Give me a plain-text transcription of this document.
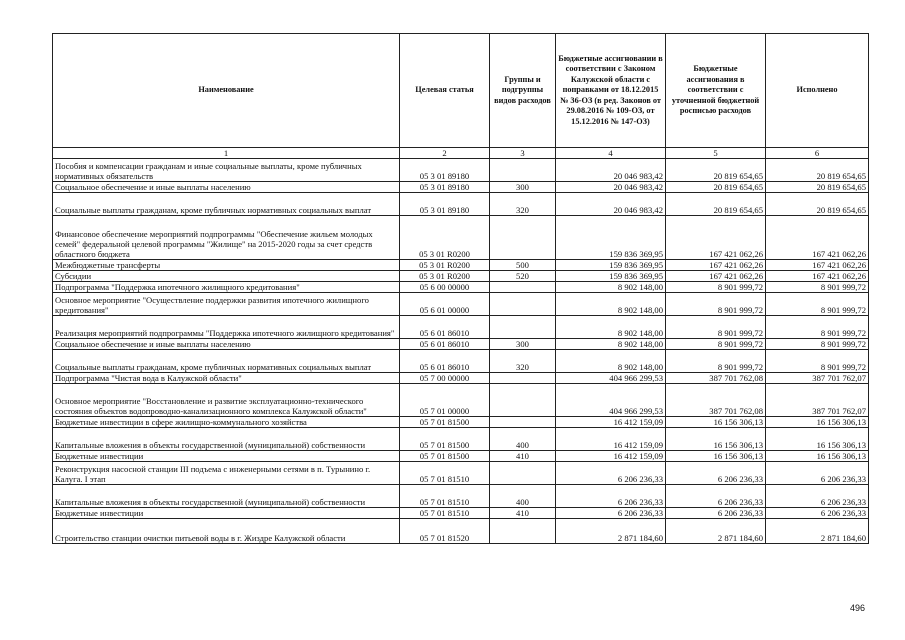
Наименование	Целевая статья	Группы и подгруппы видов расходов	Бюджетные ассигновании в соответствии с Законом Калужской области с поправками от 18.12.2015 № 36-ОЗ (в ред. Законов от 29.08.2016 № 109-ОЗ, от 15.12.2016 № 147-ОЗ)	Бюджетные ассигнования в соответствии с уточненной бюджетной росписью расходов	Исполнено
1	2	3	4	5	6
Пособия и компенсации гражданам и иные социальные выплаты, кроме публичных нормативных обязательств	05 3 01 89180		20 046 983,42	20 819 654,65	20 819 654,65
Социальное обеспечение и иные выплаты населению	05 3 01 89180	300	20 046 983,42	20 819 654,65	20 819 654,65
Социальные выплаты гражданам, кроме публичных нормативных социальных выплат	05 3 01 89180	320	20 046 983,42	20 819 654,65	20 819 654,65
Финансовое обеспечение мероприятий подпрограммы "Обеспечение жильем молодых семей" федеральной целевой программы "Жилище" на 2015-2020 годы за счет средств областного бюджета	05 3 01 R0200		159 836 369,95	167 421 062,26	167 421 062,26
Межбюджетные трансферты	05 3 01 R0200	500	159 836 369,95	167 421 062,26	167 421 062,26
Субсидии	05 3 01 R0200	520	159 836 369,95	167 421 062,26	167 421 062,26
Подпрограмма "Поддержка ипотечного жилищного кредитования"	05 6 00 00000		8 902 148,00	8 901 999,72	8 901 999,72
Основное мероприятие "Осуществление поддержки развития ипотечного жилищного кредитования"	05 6 01 00000		8 902 148,00	8 901 999,72	8 901 999,72
Реализация мероприятий подпрограммы "Поддержка ипотечного жилищного кредитования"	05 6 01 86010		8 902 148,00	8 901 999,72	8 901 999,72
Социальное обеспечение и иные выплаты населению	05 6 01 86010	300	8 902 148,00	8 901 999,72	8 901 999,72
Социальные выплаты гражданам, кроме публичных нормативных социальных выплат	05 6 01 86010	320	8 902 148,00	8 901 999,72	8 901 999,72
Подпрограмма "Чистая вода в Калужской области"	05 7 00 00000		404 966 299,53	387 701 762,08	387 701 762,07
Основное мероприятие "Восстановление и развитие эксплуатационно-технического состояния объектов водопроводно-канализационного комплекса Калужской области"	05 7 01 00000		404 966 299,53	387 701 762,08	387 701 762,07
Бюджетные инвестиции в сфере жилищно-коммунального хозяйства	05 7 01 81500		16 412 159,09	16 156 306,13	16 156 306,13
Капитальные вложения в объекты государственной (муниципальной) собственности	05 7 01 81500	400	16 412 159,09	16 156 306,13	16 156 306,13
Бюджетные инвестиции	05 7 01 81500	410	16 412 159,09	16 156 306,13	16 156 306,13
Реконструкция насосной станции III подъема с инженерными сетями в п. Турынино г. Калуга. I этап	05 7 01 81510		6 206 236,33	6 206 236,33	6 206 236,33
Капитальные вложения в объекты государственной (муниципальной) собственности	05 7 01 81510	400	6 206 236,33	6 206 236,33	6 206 236,33
Бюджетные инвестиции	05 7 01 81510	410	6 206 236,33	6 206 236,33	6 206 236,33
Строительство станции очистки питьевой воды в г. Жиздре Калужской области	05 7 01 81520		2 871 184,60	2 871 184,60	2 871 184,60
496
